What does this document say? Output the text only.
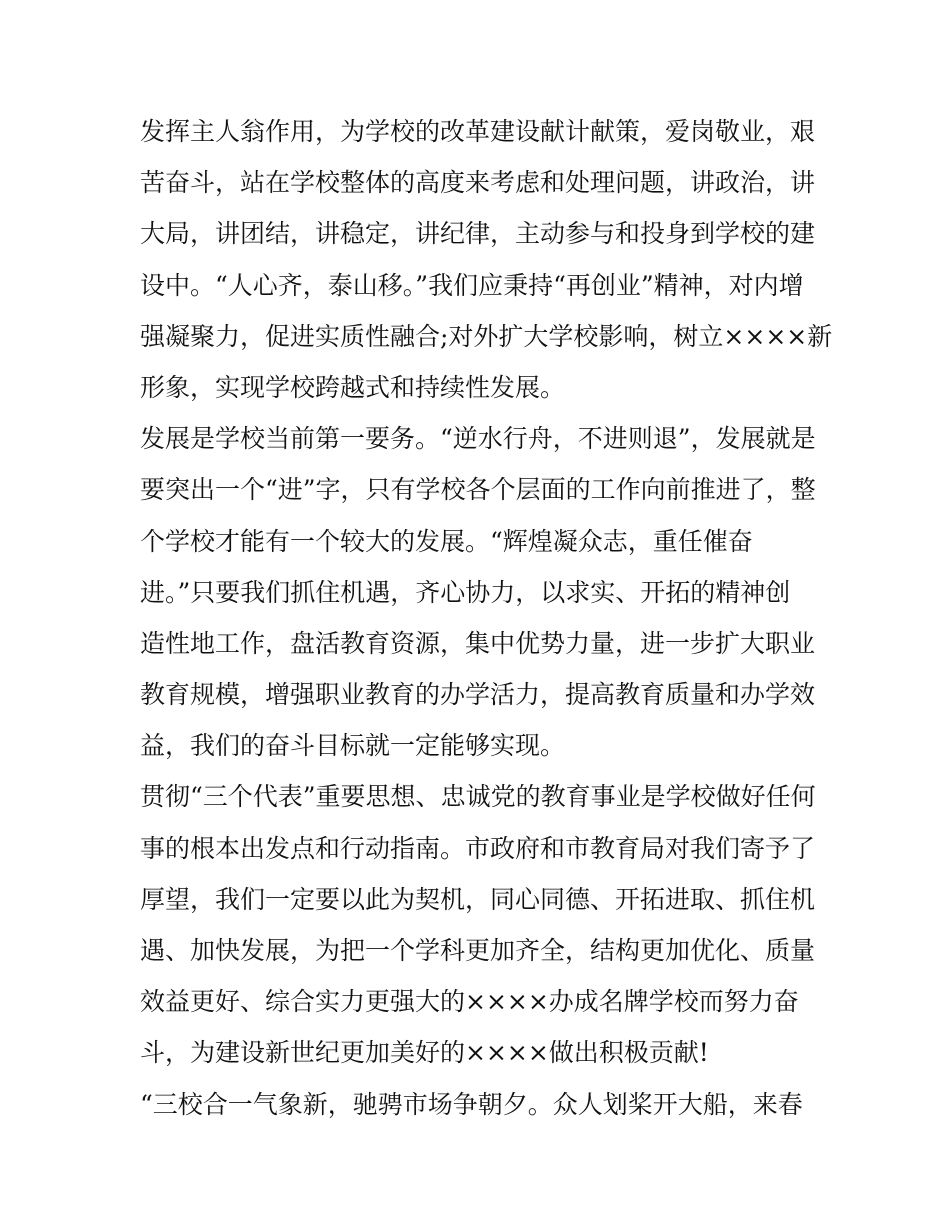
发挥主人翁作用，为学校的改革建设献计献策，爱岗敬业，艰
苦奋斗，站在学校整体的高度来考虑和处理问题，讲政治，讲
大局，讲团结，讲稳定，讲纪律，主动参与和投身到学校的建
设中。“人心齐，泰山移。”我们应秉持“再创业”精神，对内增
强凝聚力，促进实质性融合;对外扩大学校影响，树立××××新
形象，实现学校跨越式和持续性发展。
发展是学校当前第一要务。“逆水行舟，不进则退”，发展就是
要突出一个“进”字，只有学校各个层面的工作向前推进了，整
个学校才能有一个较大的发展。“辉煌凝众志，重任催奋
进。”只要我们抓住机遇，齐心协力，以求实、开拓的精神创
造性地工作，盘活教育资源，集中优势力量，进一步扩大职业
教育规模，增强职业教育的办学活力，提高教育质量和办学效
益，我们的奋斗目标就一定能够实现。
贯彻“三个代表”重要思想、忠诚党的教育事业是学校做好任何
事的根本出发点和行动指南。市政府和市教育局对我们寄予了
厚望，我们一定要以此为契机，同心同德、开拓进取、抓住机
遇、加快发展，为把一个学科更加齐全，结构更加优化、质量
效益更好、综合实力更强大的××××办成名牌学校而努力奋
斗，为建设新世纪更加美好的××××做出积极贡献!
“三校合一气象新，驰骋市场争朝夕。众人划桨开大船，来春
